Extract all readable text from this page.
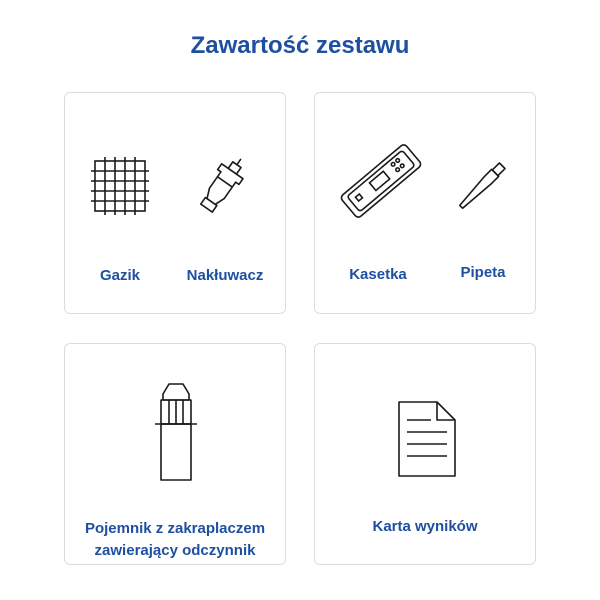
Zawartość zestawu
Gazik	Nakłuwacz	Kasetka	Pipeta
Pojemnik z zakraplaczem
zawierający odczynnik
Karta wyników
